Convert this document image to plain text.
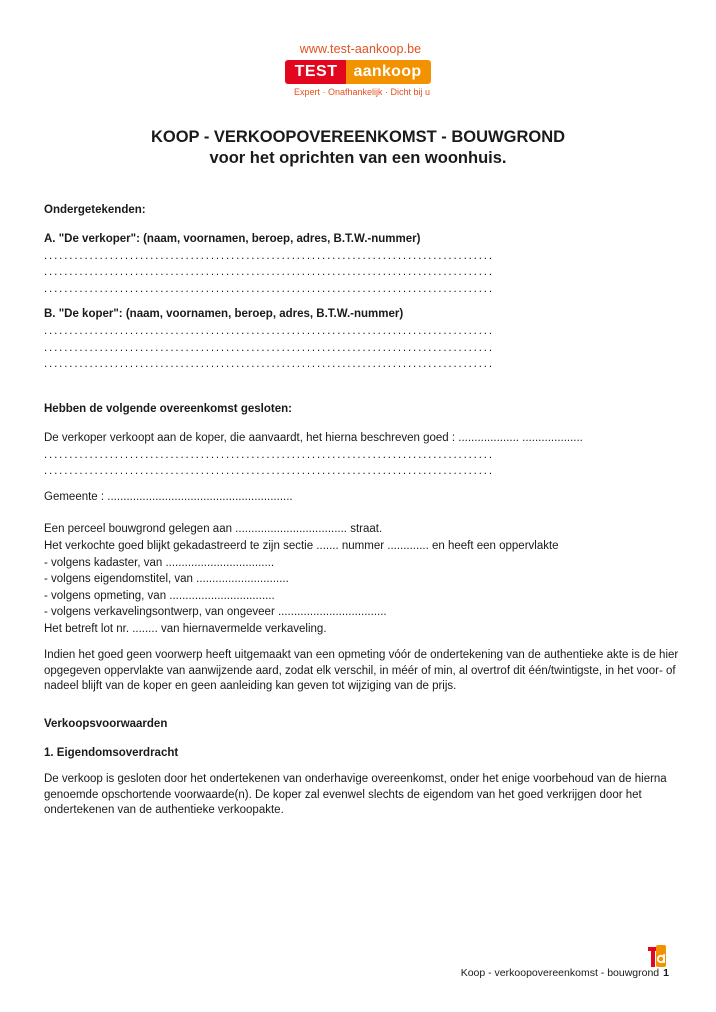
www.test-aankoop.be
TEST	aankoop
Expert · Onafhankelijk · Dicht bij u
KOOP - VERKOOPOVEREENKOMST - BOUWGROND
voor het oprichten van een woonhuis.
Ondergetekenden:
A. "De verkoper": (naam, voornamen, beroep, adres, B.T.W.-nummer)
.........................................................................................
.........................................................................................
.........................................................................................
B. "De koper": (naam, voornamen, beroep, adres, B.T.W.-nummer)
.........................................................................................
.........................................................................................
.........................................................................................
Hebben de volgende overeenkomst gesloten:
De verkoper verkoopt aan de koper, die aanvaardt, het hierna beschreven goed : ................... ...................
.........................................................................................
.........................................................................................
Gemeente : ..........................................................
Een perceel bouwgrond gelegen aan ................................... straat.
Het verkochte goed blijkt gekadastreerd te zijn sectie ....... nummer ............. en heeft een oppervlakte
- volgens kadaster, van ..................................
- volgens eigendomstitel, van .............................
- volgens opmeting, van .................................
- volgens verkavelingsontwerp, van ongeveer ..................................
Het betreft lot nr. ........ van hiernavermelde verkaveling.
Indien het goed geen voorwerp heeft uitgemaakt van een opmeting vóór de ondertekening van de authentieke akte is de hier opgegeven oppervlakte van aanwijzende aard, zodat elk verschil, in méér of min, al overtrof dit één/twintigste, in het voor- of nadeel blijft van de koper en geen aanleiding kan geven tot wijziging van de prijs.
Verkoopsvoorwaarden
1. Eigendomsoverdracht
De verkoop is gesloten door het ondertekenen van onderhavige overeenkomst, onder het enige voorbehoud van de hierna genoemde opschortende voorwaarde(n). De koper zal evenwel slechts de eigendom van het goed verkrijgen door het ondertekenen van de authentieke verkoopakte.
Koop - verkoopovereenkomst - bouwgrond 1
